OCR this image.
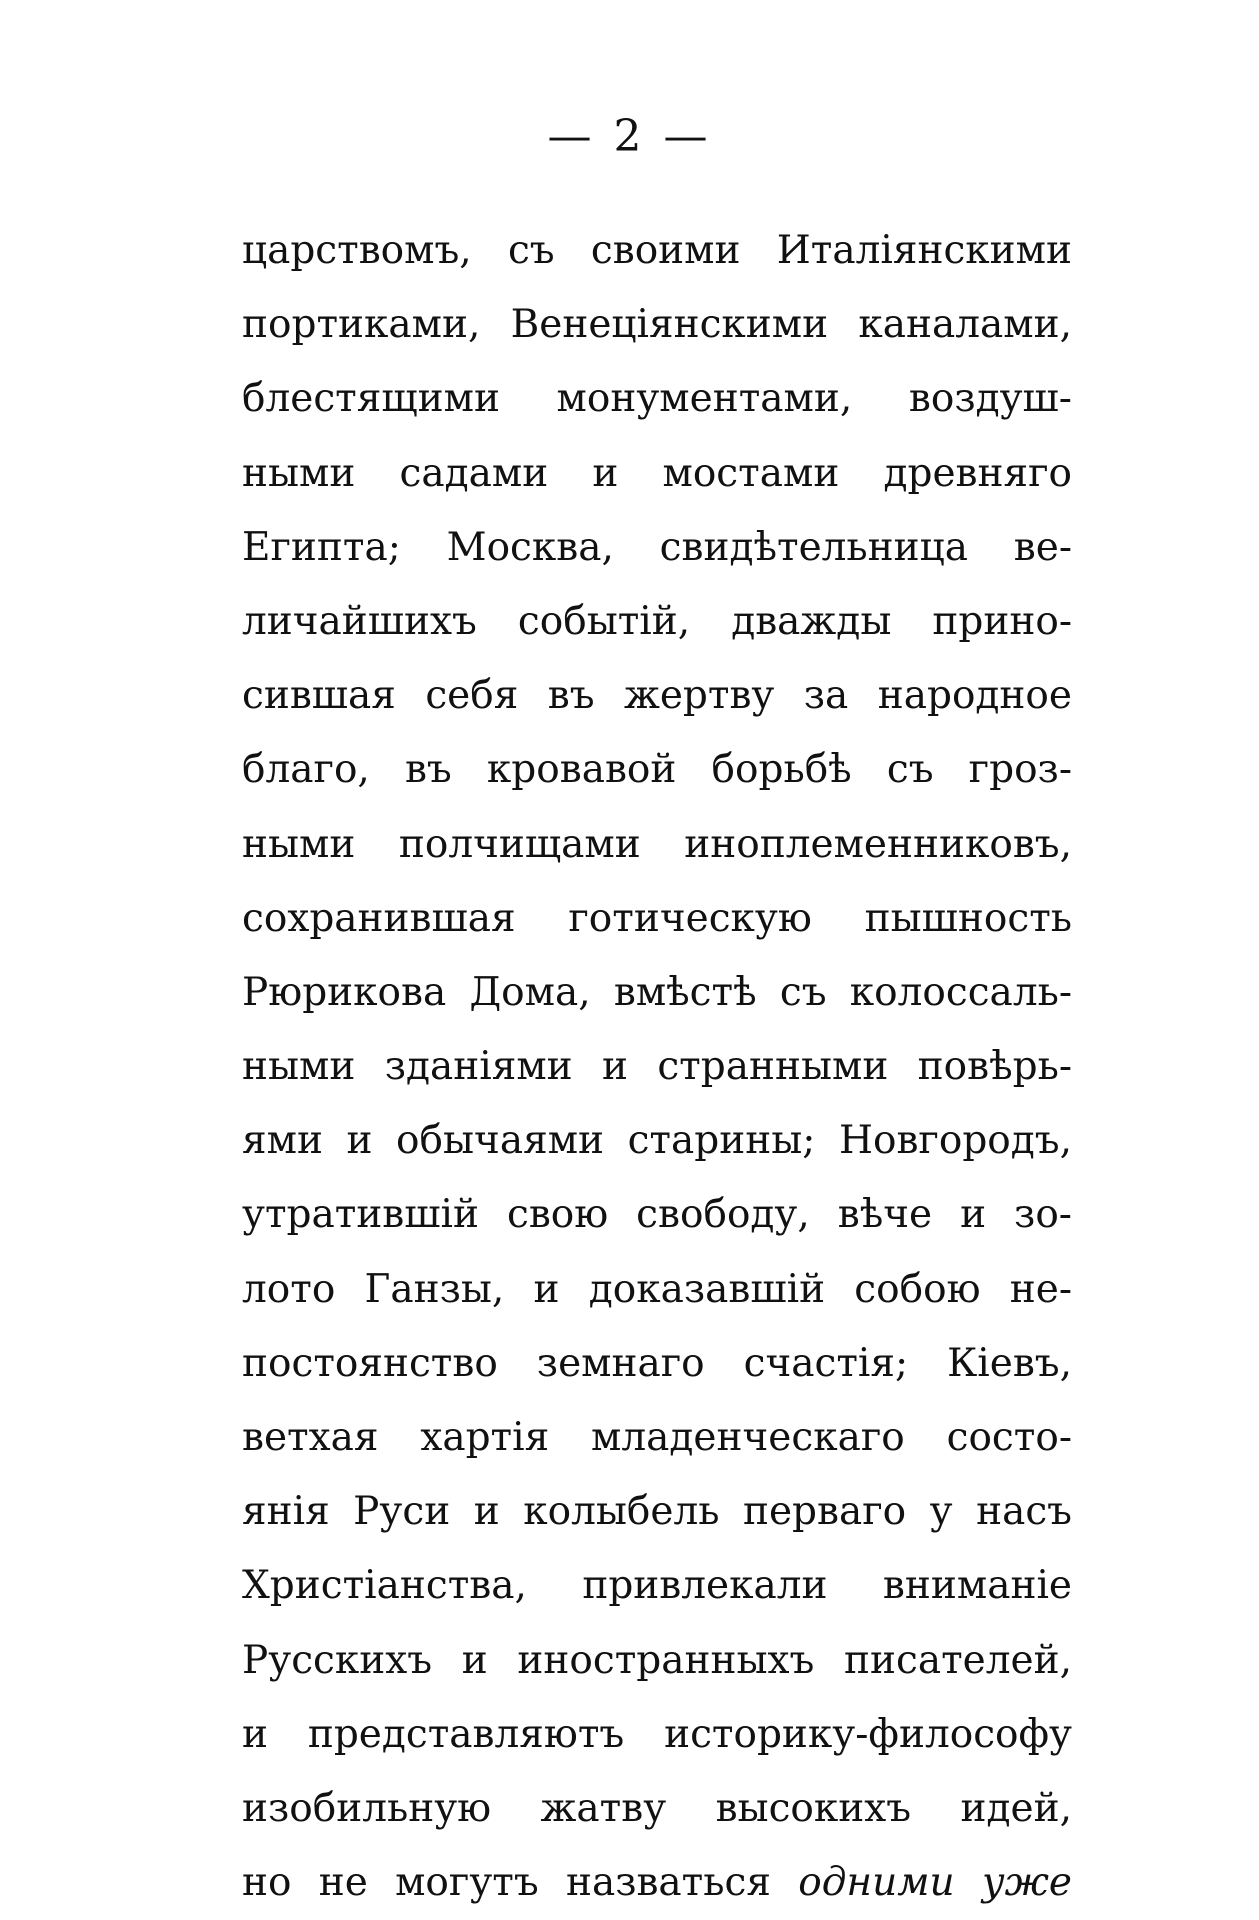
— 2 —
царствомъ, съ своими Италіянскими
портиками, Венеціянскими каналами,
блестящими монументами, воздуш-
ными садами и мостами древняго
Египта; Москва, свидѣтельница ве-
личайшихъ событій, дважды прино-
сившая себя въ жертву за народное
благо, въ кровавой борьбѣ съ гроз-
ными полчищами иноплеменниковъ,
сохранившая готическую пышность
Рюрикова Дома, вмѣстѣ съ колоссаль-
ными зданіями и странными повѣрь-
ями и обычаями старины; Новгородъ,
утратившій свою свободу, вѣче и зо-
лото Ганзы, и доказавшій собою не-
постоянство земнаго счастія; Кіевъ,
ветхая хартія младенческаго состо-
янія Руси и колыбель перваго у насъ
Христіанства, привлекали вниманіе
Русскихъ и иностранныхъ писателей,
и представляютъ историку-философу
изобильную жатву высокихъ идей,
но не могутъ назваться одними уже
